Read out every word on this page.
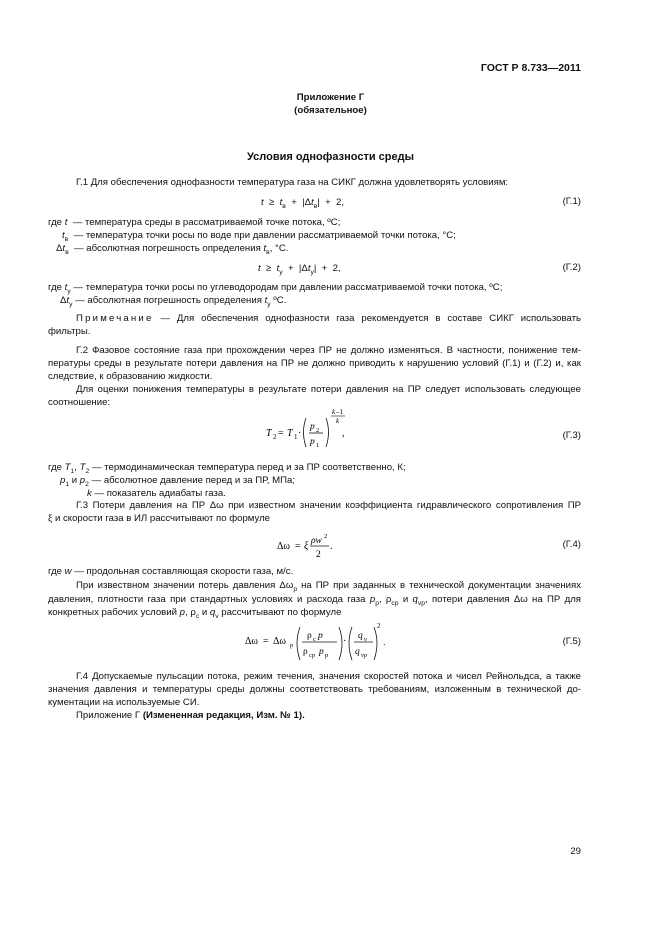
ГОСТ Р 8.733—2011
Приложение Г
(обязательное)
Условия однофазности среды
Г.1 Для обеспечения однофазности температура газа на СИКГ должна удовлетворять условиям:
$t \ge t_в + |\Delta t_в| + 2$,	(Г.1)
где t — температура среды в рассматриваемой точке потока, ºС;
$t_в$ — температура точки росы по воде при давлении рассматриваемой точки потока, °С;
$\Delta t_в$ — абсолютная погрешность определения $t_в$, °С.
$t \ge t_у + |\Delta t_у| + 2$,	(Г.2)
где $t_у$ — температура точки росы по углеводородам при давлении рассматриваемой точки потока, ºС;
$\Delta t_у$ — абсолютная погрешность определения $t_у$ ºС.
Примечание — Для обеспечения однофазности газа рекомендуется в составе СИКГ использовать
фильтры.
Г.2 Фазовое состояние газа при прохождении через ПР не должно изменяться. В частности, понижение тем-
пературы среды в результате потери давления на ПР не должно приводить к нарушению условий (Г.1) и (Г.2) и, как
следствие, к образованию жидкости.
Для оценки понижения температуры в результате потери давления на ПР следует использовать следующее
соотношение:
T 2 = T 1 ·
p 2
p 1
k –1
k
,	(Г.3)
где $T_1$, $T_2$ — термодинамическая температура перед и за ПР соответственно, К;
$p_1$ и $p_2$ — абсолютное давление перед и за ПР, МПа;
k — показатель адиабаты газа.
Г.3 Потери давления на ПР Δω при известном значении коэффициента гидравлического сопротивления ПР
ξ и скорости газа в ИЛ рассчитывают по формуле
Δω = ξ ρw 2
2
.	(Г.4)
где w — продольная составляющая скорости газа, м/с.
При извествном значении потерь давления $\Delta\omega_р$ на ПР при заданных в технической документации значениях
давления, плотности газа при стандартных условиях и расхода газа $р_р$, $\rho_{ср}$ и $q_{vр}$, потери давления Δω на ПР для
конкретных рабочих условий р, $\rho_с$ и $q_v$ рассчитывают по формуле
Δω = Δω р
ρ с p
ρ ср p р
· q v
q vр
2
.	(Г.5)
Г.4 Допускаемые пульсации потока, режим течения, значения скоростей потока и чисел Рейнольдса, а также
значения давления и температуры среды должны соответствовать требованиям, изложенным в технической до-
кументации на используемые СИ.
Приложение Г (Измененная редакция, Изм. № 1).
29
